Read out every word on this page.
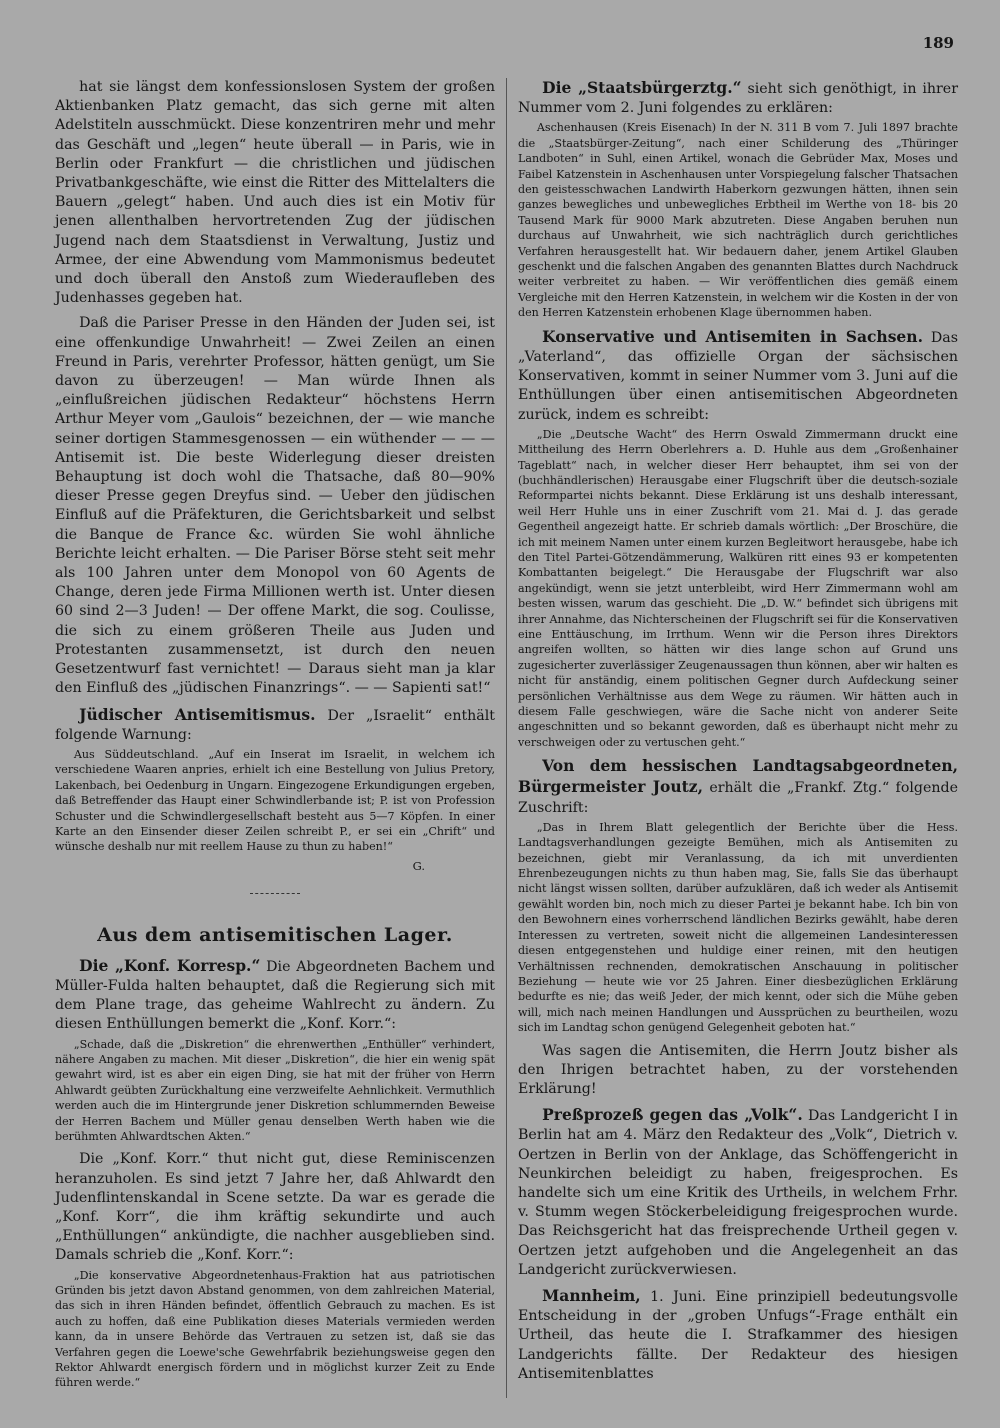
189

hat sie längst dem konfessionslosen System der großen Aktienbanken Platz gemacht, das sich gerne mit alten Adelstiteln ausschmückt. Diese konzentriren mehr und mehr das Geschäft und „legen“ heute überall — in Paris, wie in Berlin oder Frankfurt — die christlichen und jüdischen Privatbankgeschäfte, wie einst die Ritter des Mittelalters die Bauern „gelegt“ haben. Und auch dies ist ein Motiv für jenen allenthalben hervortretenden Zug der jüdischen Jugend nach dem Staatsdienst in Verwaltung, Justiz und Armee, der eine Abwendung vom Mammonismus bedeutet und doch überall den Anstoß zum Wiederaufleben des Judenhasses gegeben hat.

Daß die Pariser Presse in den Händen der Juden sei, ist eine offenkundige Unwahrheit! — Zwei Zeilen an einen Freund in Paris, verehrter Professor, hätten genügt, um Sie davon zu überzeugen! — Man würde Ihnen als „einflußreichen jüdischen Redakteur“ höchstens Herrn Arthur Meyer vom „Gaulois“ bezeichnen, der — wie manche seiner dortigen Stammesgenossen — ein wüthender — — — Antisemit ist. Die beste Widerlegung dieser dreisten Behauptung ist doch wohl die Thatsache, daß 80—90% dieser Presse gegen Dreyfus sind. — Ueber den jüdischen Einfluß auf die Präfekturen, die Gerichtsbarkeit und selbst die Banque de France &c. würden Sie wohl ähnliche Berichte leicht erhalten. — Die Pariser Börse steht seit mehr als 100 Jahren unter dem Monopol von 60 Agents de Change, deren jede Firma Millionen werth ist. Unter diesen 60 sind 2—3 Juden! — Der offene Markt, die sog. Coulisse, die sich zu einem größeren Theile aus Juden und Protestanten zusammensetzt, ist durch den neuen Gesetzentwurf fast vernichtet! — Daraus sieht man ja klar den Einfluß des „jüdischen Finanzrings“. — — Sapienti sat!“

Jüdischer Antisemitismus. Der „Israelit“ enthält folgende Warnung:

Aus Süddeutschland. „Auf ein Inserat im Israelit, in welchem ich verschiedene Waaren anpries, erhielt ich eine Bestellung von Julius Pretory, Lakenbach, bei Oedenburg in Ungarn. Eingezogene Erkundigungen ergeben, daß Betreffender das Haupt einer Schwindlerbande ist; P. ist von Profession Schuster und die Schwindlergesellschaft besteht aus 5—7 Köpfen. In einer Karte an den Einsender dieser Zeilen schreibt P., er sei ein „Chrift“ und wünsche deshalb nur mit reellem Hause zu thun zu haben!“

G.

Aus dem antisemitischen Lager.

Die „Konf. Korresp.“ Die Abgeordneten Bachem und Müller-Fulda halten behauptet, daß die Regierung sich mit dem Plane trage, das geheime Wahlrecht zu ändern. Zu diesen Enthüllungen bemerkt die „Konf. Korr.“:

„Schade, daß die „Diskretion“ die ehrenwerthen „Enthüller“ verhindert, nähere Angaben zu machen. Mit dieser „Diskretion“, die hier ein wenig spät gewahrt wird, ist es aber ein eigen Ding, sie hat mit der früher von Herrn Ahlwardt geübten Zurückhaltung eine verzweifelte Aehnlichkeit. Vermuthlich werden auch die im Hintergrunde jener Diskretion schlummernden Beweise der Herren Bachem und Müller genau denselben Werth haben wie die berühmten Ahlwardtschen Akten.“

Die „Konf. Korr.“ thut nicht gut, diese Reminiscenzen heranzuholen. Es sind jetzt 7 Jahre her, daß Ahlwardt den Judenflintenskandal in Scene setzte. Da war es gerade die „Konf. Korr“, die ihm kräftig sekundirte und auch „Enthüllungen“ ankündigte, die nachher ausgeblieben sind. Damals schrieb die „Konf. Korr.“:

„Die konservative Abgeordnetenhaus-Fraktion hat aus patriotischen Gründen bis jetzt davon Abstand genommen, von dem zahlreichen Material, das sich in ihren Händen befindet, öffentlich Gebrauch zu machen. Es ist auch zu hoffen, daß eine Publikation dieses Materials vermieden werden kann, da in unsere Behörde das Vertrauen zu setzen ist, daß sie das Verfahren gegen die Loewe'sche Gewehrfabrik beziehungsweise gegen den Rektor Ahlwardt energisch fördern und in möglichst kurzer Zeit zu Ende führen werde.“

Die „Staatsbürgerztg.“ sieht sich genöthigt, in ihrer Nummer vom 2. Juni folgendes zu erklären:

Aschenhausen (Kreis Eisenach) In der N. 311 B vom 7. Juli 1897 brachte die „Staatsbürger-Zeitung“, nach einer Schilderung des „Thüringer Landboten“ in Suhl, einen Artikel, wonach die Gebrüder Max, Moses und Faibel Katzenstein in Aschenhausen unter Vorspiegelung falscher Thatsachen den geistesschwachen Landwirth Haberkorn gezwungen hätten, ihnen sein ganzes bewegliches und unbewegliches Erbtheil im Werthe von 18- bis 20 Tausend Mark für 9000 Mark abzutreten. Diese Angaben beruhen nun durchaus auf Unwahrheit, wie sich nachträglich durch gerichtliches Verfahren herausgestellt hat. Wir bedauern daher, jenem Artikel Glauben geschenkt und die falschen Angaben des genannten Blattes durch Nachdruck weiter verbreitet zu haben. — Wir veröffentlichen dies gemäß einem Vergleiche mit den Herren Katzenstein, in welchem wir die Kosten in der von den Herren Katzenstein erhobenen Klage übernommen haben.

Konservative und Antisemiten in Sachsen. Das „Vaterland“, das offizielle Organ der sächsischen Konservativen, kommt in seiner Nummer vom 3. Juni auf die Enthüllungen über einen antisemitischen Abgeordneten zurück, indem es schreibt:

„Die „Deutsche Wacht“ des Herrn Oswald Zimmermann druckt eine Mittheilung des Herrn Oberlehrers a. D. Huhle aus dem „Großenhainer Tageblatt“ nach, in welcher dieser Herr behauptet, ihm sei von der (buchhändlerischen) Herausgabe einer Flugschrift über die deutsch-soziale Reformpartei nichts bekannt. Diese Erklärung ist uns deshalb interessant, weil Herr Huhle uns in einer Zuschrift vom 21. Mai d. J. das gerade Gegentheil angezeigt hatte. Er schrieb damals wörtlich: „Der Broschüre, die ich mit meinem Namen unter einem kurzen Begleitwort herausgebe, habe ich den Titel Partei-Götzendämmerung, Walküren ritt eines 93 er kompetenten Kombattanten beigelegt.“ Die Herausgabe der Flugschrift war also angekündigt, wenn sie jetzt unterbleibt, wird Herr Zimmermann wohl am besten wissen, warum das geschieht. Die „D. W.“ befindet sich übrigens mit ihrer Annahme, das Nichterscheinen der Flugschrift sei für die Konservativen eine Enttäuschung, im Irrthum. Wenn wir die Person ihres Direktors angreifen wollten, so hätten wir dies lange schon auf Grund uns zugesicherter zuverlässiger Zeugenaussagen thun können, aber wir halten es nicht für anständig, einem politischen Gegner durch Aufdeckung seiner persönlichen Verhältnisse aus dem Wege zu räumen. Wir hätten auch in diesem Falle geschwiegen, wäre die Sache nicht von anderer Seite angeschnitten und so bekannt geworden, daß es überhaupt nicht mehr zu verschweigen oder zu vertuschen geht.“

Von dem hessischen Landtagsabgeordneten, Bürgermeister Joutz, erhält die „Frankf. Ztg.“ folgende Zuschrift:

„Das in Ihrem Blatt gelegentlich der Berichte über die Hess. Landtagsverhandlungen gezeigte Bemühen, mich als Antisemiten zu bezeichnen, giebt mir Veranlassung, da ich mit unverdienten Ehrenbezeugungen nichts zu thun haben mag, Sie, falls Sie das überhaupt nicht längst wissen sollten, darüber aufzuklären, daß ich weder als Antisemit gewählt worden bin, noch mich zu dieser Partei je bekannt habe. Ich bin von den Bewohnern eines vorherrschend ländlichen Bezirks gewählt, habe deren Interessen zu vertreten, soweit nicht die allgemeinen Landesinteressen diesen entgegenstehen und huldige einer reinen, mit den heutigen Verhältnissen rechnenden, demokratischen Anschauung in politischer Beziehung — heute wie vor 25 Jahren. Einer diesbezüglichen Erklärung bedurfte es nie; das weiß Jeder, der mich kennt, oder sich die Mühe geben will, mich nach meinen Handlungen und Aussprüchen zu beurtheilen, wozu sich im Landtag schon genügend Gelegenheit geboten hat.“

Was sagen die Antisemiten, die Herrn Joutz bisher als den Ihrigen betrachtet haben, zu der vorstehenden Erklärung!

Preßprozeß gegen das „Volk“. Das Landgericht I in Berlin hat am 4. März den Redakteur des „Volk“, Dietrich v. Oertzen in Berlin von der Anklage, das Schöffengericht in Neunkirchen beleidigt zu haben, freigesprochen. Es handelte sich um eine Kritik des Urtheils, in welchem Frhr. v. Stumm wegen Stöckerbeleidigung freigesprochen wurde. Das Reichsgericht hat das freisprechende Urtheil gegen v. Oertzen jetzt aufgehoben und die Angelegenheit an das Landgericht zurückverwiesen.

Mannheim, 1. Juni. Eine prinzipiell bedeutungsvolle Entscheidung in der „groben Unfugs“-Frage enthält ein Urtheil, das heute die I. Strafkammer des hiesigen Landgerichts fällte. Der Redakteur des hiesigen Antisemitenblattes
